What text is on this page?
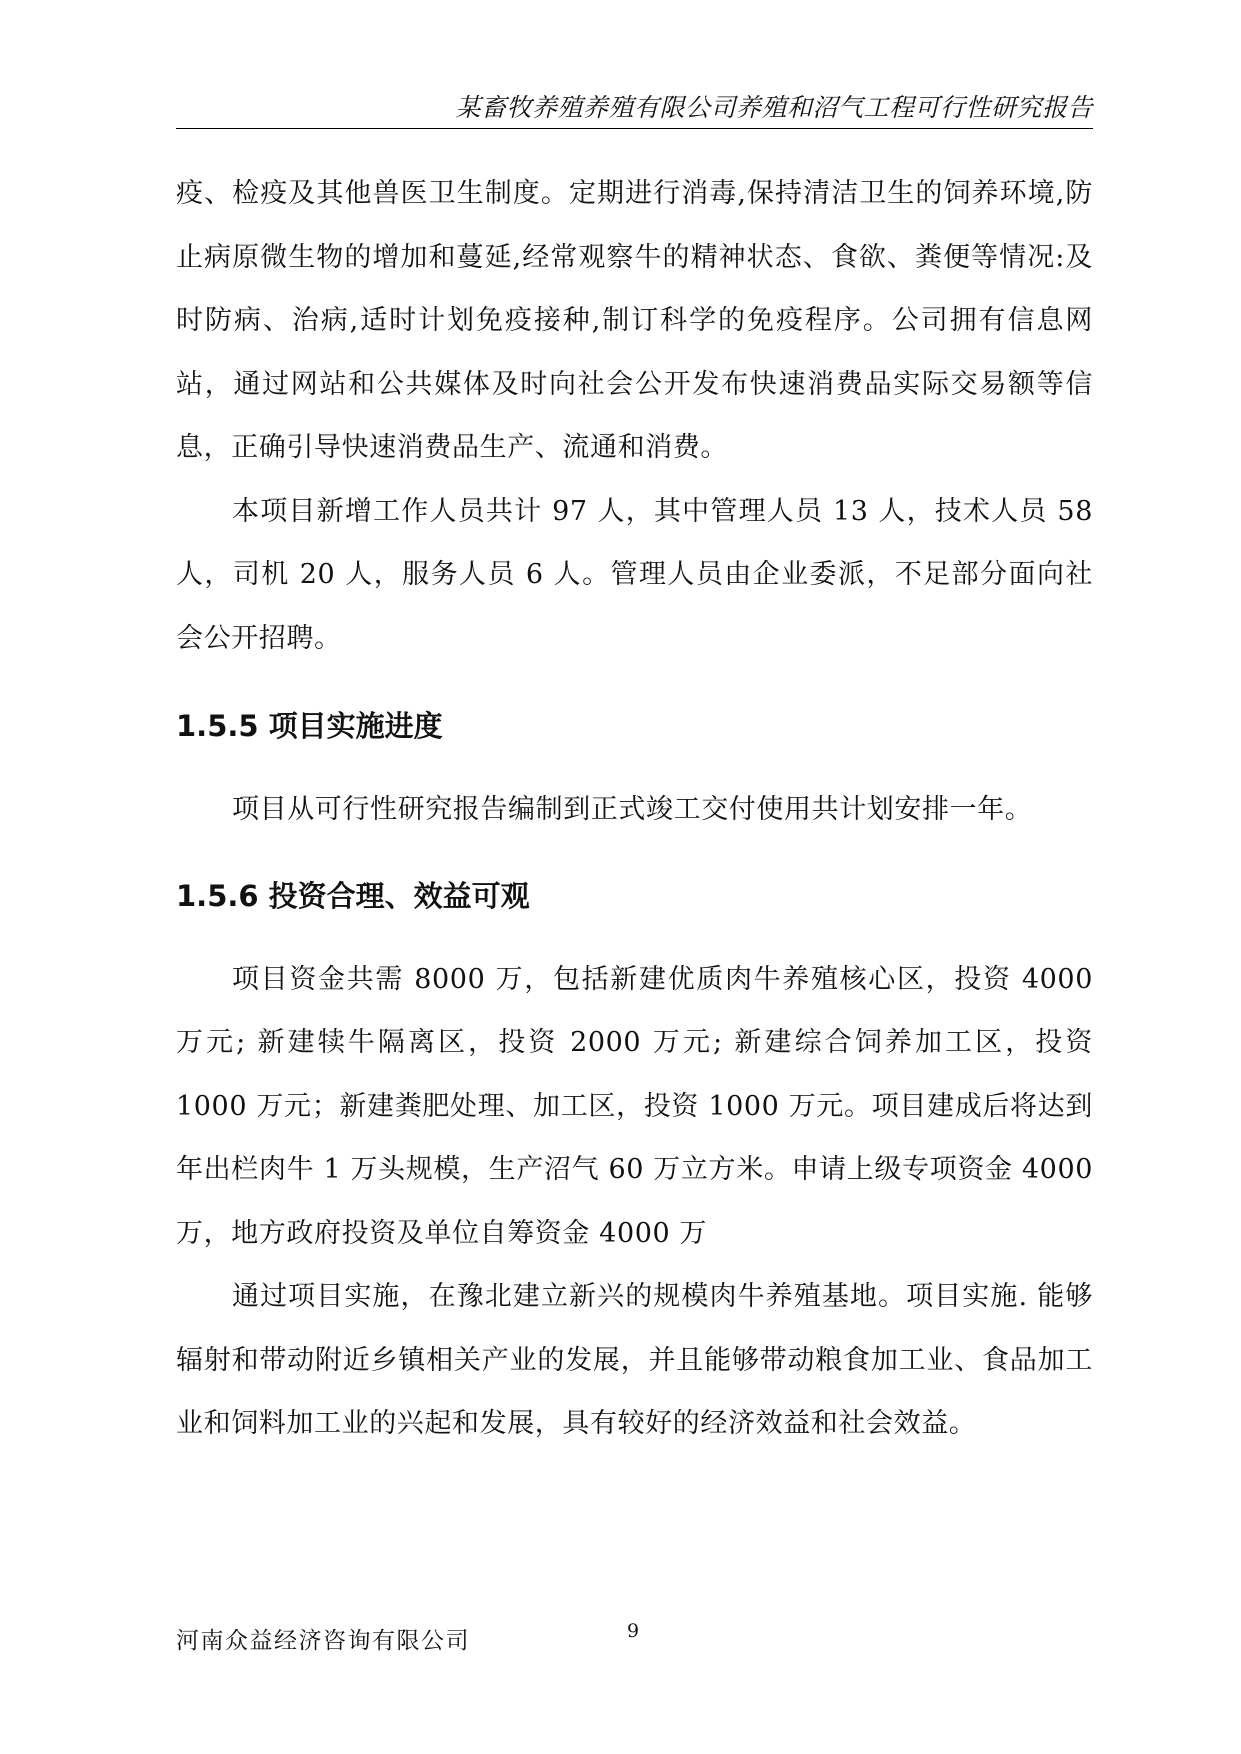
某畜牧养殖养殖有限公司养殖和沼气工程可行性研究报告

疫、检疫及其他兽医卫生制度。定期进行消毒,保持清洁卫生的饲养环境,防止病原微生物的增加和蔓延,经常观察牛的精神状态、食欲、粪便等情况:及时防病、治病,适时计划免疫接种,制订科学的免疫程序。公司拥有信息网站，通过网站和公共媒体及时向社会公开发布快速消费品实际交易额等信息，正确引导快速消费品生产、流通和消费。

本项目新增工作人员共计 97 人，其中管理人员 13 人，技术人员 58 人，司机 20 人，服务人员 6 人。管理人员由企业委派，不足部分面向社会公开招聘。

1.5.5 项目实施进度

项目从可行性研究报告编制到正式竣工交付使用共计划安排一年。

1.5.6 投资合理、效益可观

项目资金共需 8000 万，包括新建优质肉牛养殖核心区，投资 4000 万元; 新建犊牛隔离区，投资 2000 万元; 新建综合饲养加工区，投资 1000 万元；新建粪肥处理、加工区，投资 1000 万元。项目建成后将达到年出栏肉牛 1 万头规模，生产沼气 60 万立方米。申请上级专项资金 4000 万，地方政府投资及单位自筹资金 4000 万

通过项目实施，在豫北建立新兴的规模肉牛养殖基地。项目实施. 能够辐射和带动附近乡镇相关产业的发展，并且能够带动粮食加工业、食品加工业和饲料加工业的兴起和发展，具有较好的经济效益和社会效益。

河南众益经济咨询有限公司	9
